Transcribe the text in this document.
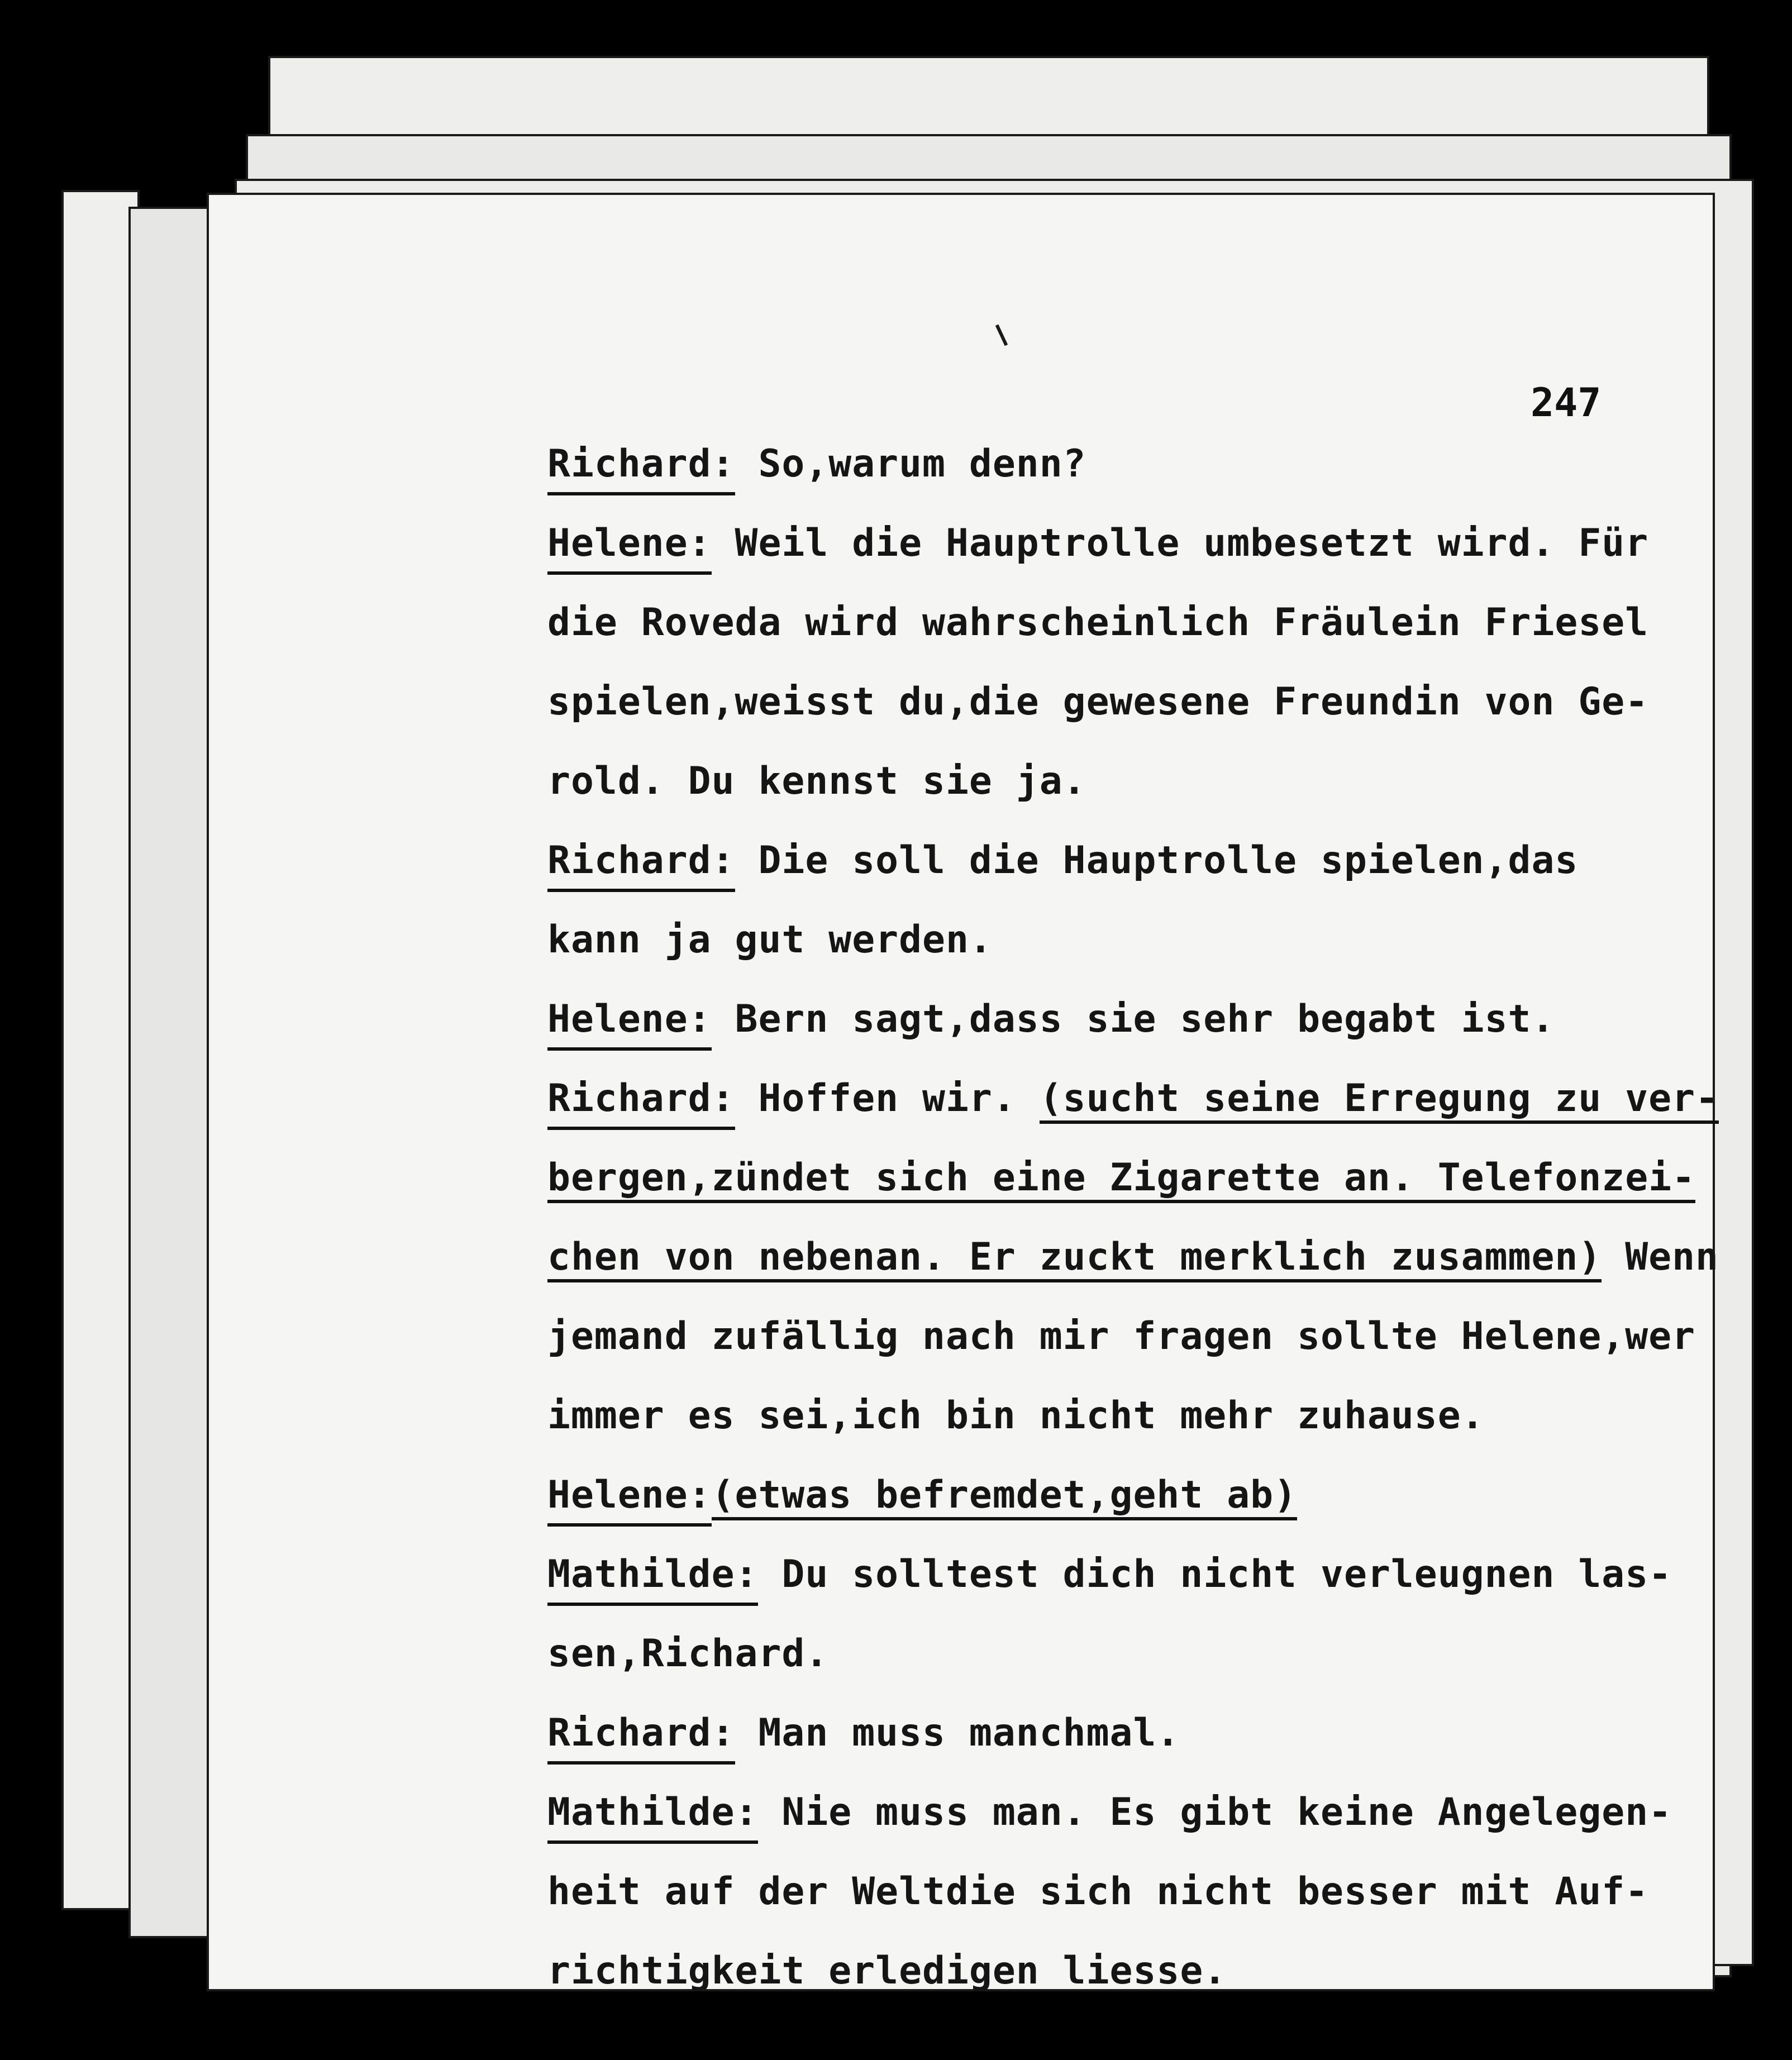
247
Richard: So,warum denn?
Helene: Weil die Hauptrolle umbesetzt wird. Für
die Roveda wird wahrscheinlich Fräulein Friesel
spielen,weisst du,die gewesene Freundin von Ge-
rold. Du kennst sie ja.
Richard: Die soll die Hauptrolle spielen,das
kann ja gut werden.
Helene: Bern sagt,dass sie sehr begabt ist.
Richard: Hoffen wir. (sucht seine Erregung zu ver-
bergen,zündet sich eine Zigarette an. Telefonzei-
chen von nebenan. Er zuckt merklich zusammen) Wenn
jemand zufällig nach mir fragen sollte Helene,wer
immer es sei,ich bin nicht mehr zuhause.
Helene:(etwas befremdet,geht ab)
Mathilde: Du solltest dich nicht verleugnen las-
sen,Richard.
Richard: Man muss manchmal.
Mathilde: Nie muss man. Es gibt keine Angelegen-
heit auf der Weltdie sich nicht besser mit Auf-
richtigkeit erledigen liesse.
